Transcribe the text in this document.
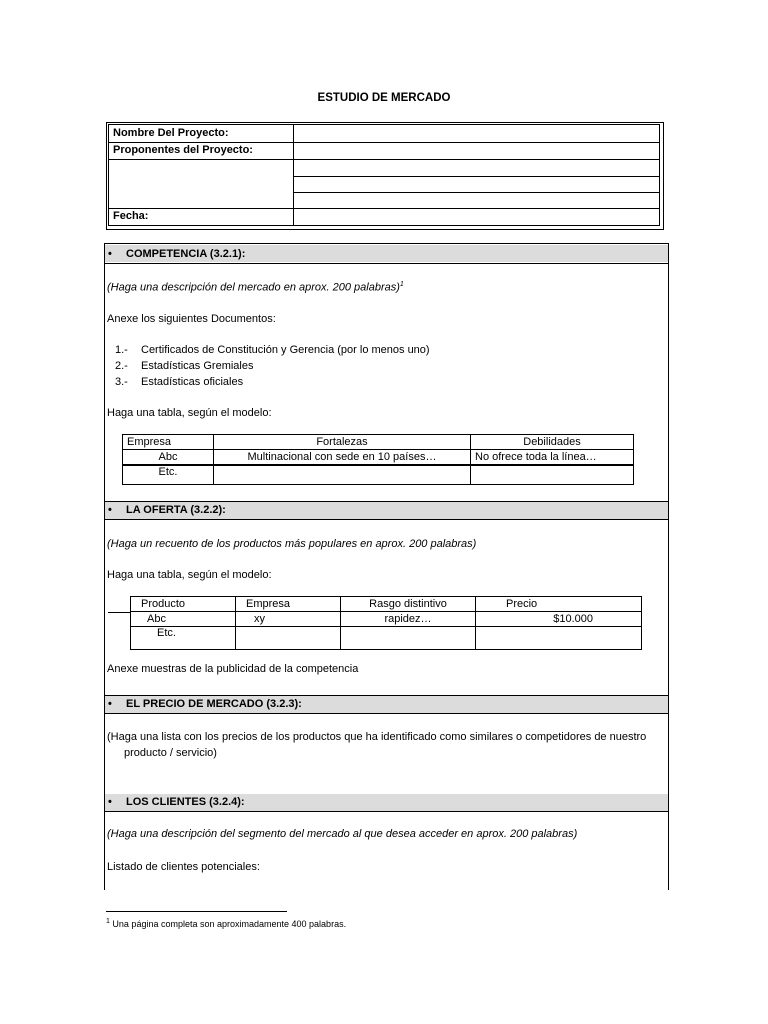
ESTUDIO DE MERCADO
Nombre Del Proyecto:
Proponentes del Proyecto:
Fecha:
• COMPETENCIA (3.2.1):
(Haga una descripción del mercado en aprox. 200 palabras)$^1$
Anexe los siguientes Documentos:
1.- Certificados de Constitución y Gerencia (por lo menos uno)
2.- Estadísticas Gremiales
3.- Estadísticas oficiales
Haga una tabla, según el modelo:
Empresa	Fortalezas	Debilidades
Abc	Multinacional con sede en 10 países…	No ofrece toda la línea…
Etc.		
• LA OFERTA (3.2.2):
(Haga un recuento de los productos más populares en aprox. 200 palabras)
Haga una tabla, según el modelo:
Producto	Empresa	Rasgo distintivo	Precio
Abc	xy	rapidez…	$10.000
Etc.			
Anexe muestras de la publicidad de la competencia
• EL PRECIO DE MERCADO (3.2.3):
(Haga una lista con los precios de los productos que ha identificado como similares o competidores de nuestro
producto / servicio)
• LOS CLIENTES (3.2.4):
(Haga una descripción del segmento del mercado al que desea acceder en aprox. 200 palabras)
Listado de clientes potenciales:
$^1$ Una página completa son aproximadamente 400 palabras.
